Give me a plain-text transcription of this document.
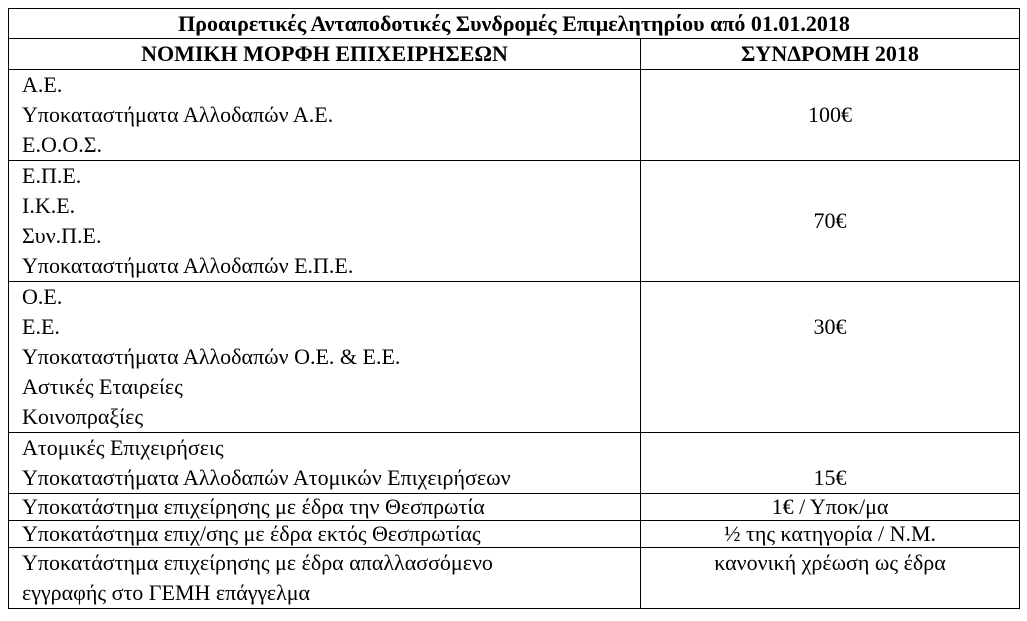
Προαιρετικές Ανταποδοτικές Συνδρομές Επιμελητηρίου από 01.01.2018	
ΝΟΜΙΚΗ ΜΟΡΦΗ ΕΠΙΧΕΙΡΗΣΕΩΝ	ΣΥΝΔΡΟΜΗ 2018

Α.Ε.
Υποκαταστήματα Αλλοδαπών Α.Ε.
Ε.Ο.Ο.Σ.	100€

Ε.Π.Ε.
Ι.Κ.Ε.
Συν.Π.Ε.
Υποκαταστήματα Αλλοδαπών Ε.Π.Ε.	70€

Ο.Ε.
Ε.Ε.
Υποκαταστήματα Αλλοδαπών Ο.Ε. & Ε.Ε.
Αστικές Εταιρείες
Κοινοπραξίες	30€

Ατομικές Επιχειρήσεις
Υποκαταστήματα Αλλοδαπών Ατομικών Επιχειρήσεων	15€

Υποκατάστημα επιχείρησης με έδρα την Θεσπρωτία	1€ / Υποκ/μα

Υποκατάστημα επιχ/σης με έδρα εκτός Θεσπρωτίας	½ της κατηγορία / Ν.Μ.

Υποκατάστημα επιχείρησης με έδρα απαλλασσόμενο
εγγραφής στο ΓΕΜΗ επάγγελμα	κανονική χρέωση ως έδρα
